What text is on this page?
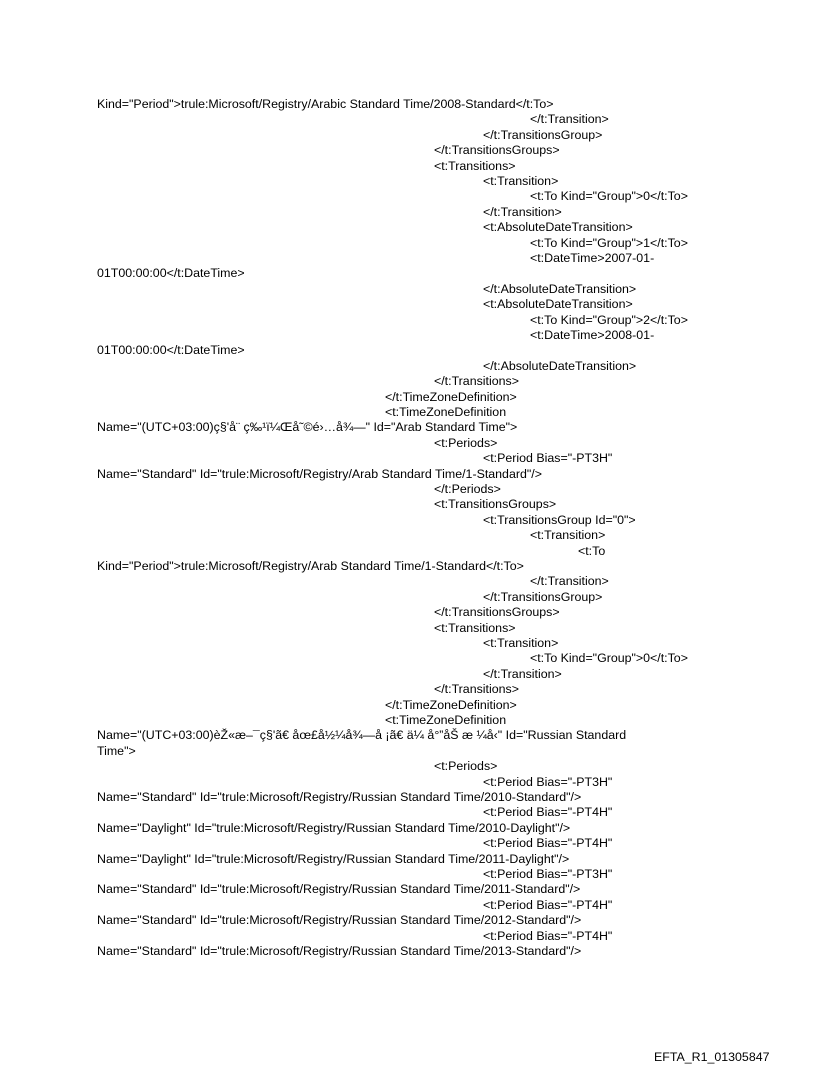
Kind="Period">trule:Microsoft/Registry/Arabic Standard Time/2008-Standard</t:To>
</t:Transition>
</t:TransitionsGroup>
</t:TransitionsGroups>
<t:Transitions>
<t:Transition>
<t:To Kind="Group">0</t:To>
</t:Transition>
<t:AbsoluteDateTransition>
<t:To Kind="Group">1</t:To>
<t:DateTime>2007-01-
01T00:00:00</t:DateTime>
</t:AbsoluteDateTransition>
<t:AbsoluteDateTransition>
<t:To Kind="Group">2</t:To>
<t:DateTime>2008-01-
01T00:00:00</t:DateTime>
</t:AbsoluteDateTransition>
</t:Transitions>
</t:TimeZoneDefinition>
<t:TimeZoneDefinition
Name="(UTC+03:00)ç§'å¨ ç‰¹ï¼Œå˜©é›…å¾—" Id="Arab Standard Time">
<t:Periods>
<t:Period Bias="-PT3H"
Name="Standard" Id="trule:Microsoft/Registry/Arab Standard Time/1-Standard"/>
</t:Periods>
<t:TransitionsGroups>
<t:TransitionsGroup Id="0">
<t:Transition>
<t:To
Kind="Period">trule:Microsoft/Registry/Arab Standard Time/1-Standard</t:To>
</t:Transition>
</t:TransitionsGroup>
</t:TransitionsGroups>
<t:Transitions>
<t:Transition>
<t:To Kind="Group">0</t:To>
</t:Transition>
</t:Transitions>
</t:TimeZoneDefinition>
<t:TimeZoneDefinition
Name="(UTC+03:00)èŽ«æ–¯ç§'ã€ åœ£å½¼å¾—å ¡ã€ ä¼ å°”åŠ æ ¼å‹" Id="Russian Standard
Time">
<t:Periods>
<t:Period Bias="-PT3H"
Name="Standard" Id="trule:Microsoft/Registry/Russian Standard Time/2010-Standard"/>
<t:Period Bias="-PT4H"
Name="Daylight" Id="trule:Microsoft/Registry/Russian Standard Time/2010-Daylight"/>
<t:Period Bias="-PT4H"
Name="Daylight" Id="trule:Microsoft/Registry/Russian Standard Time/2011-Daylight"/>
<t:Period Bias="-PT3H"
Name="Standard" Id="trule:Microsoft/Registry/Russian Standard Time/2011-Standard"/>
<t:Period Bias="-PT4H"
Name="Standard" Id="trule:Microsoft/Registry/Russian Standard Time/2012-Standard"/>
<t:Period Bias="-PT4H"
Name="Standard" Id="trule:Microsoft/Registry/Russian Standard Time/2013-Standard"/>
EFTA_R1_01305847
